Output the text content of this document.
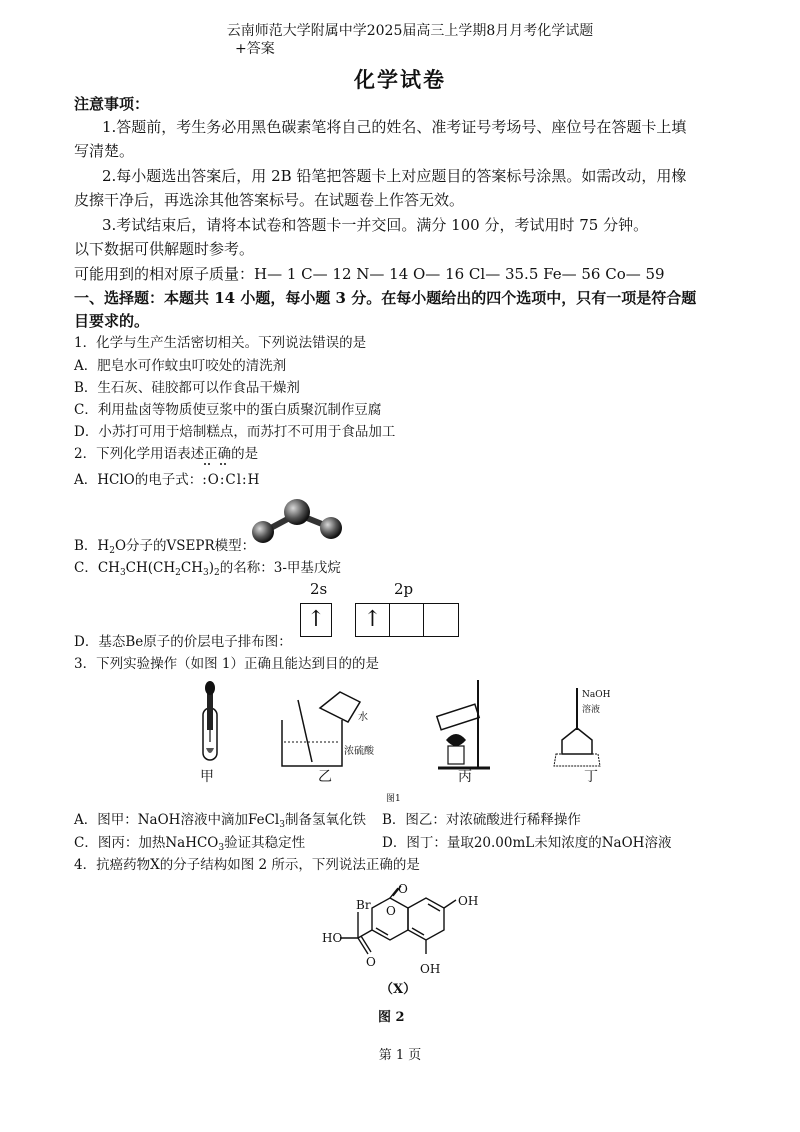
云南师范大学附属中学2025届高三上学期8月月考化学试题
+答案
化学试卷
注意事项：
1.答题前，考生务必用黑色碳素笔将自己的姓名、准考证号考场号、座位号在答题卡上填
写清楚。
2.每小题选出答案后，用 2B 铅笔把答题卡上对应题目的答案标号涂黑。如需改动，用橡
皮擦干净后，再选涂其他答案标号。在试题卷上作答无效。
3.考试结束后，请将本试卷和答题卡一并交回。满分 100 分，考试用时 75 分钟。
以下数据可供解题时参考。
可能用到的相对原子质量：H— 1 C— 12 N— 14 O— 16 Cl— 35.5 Fe— 56 Co— 59
一、选择题：本题共 14 小题，每小题 3 分。在每小题给出的四个选项中，只有一项是符合题
目要求的。
1．化学与生产生活密切相关。下列说法错误的是
A．肥皂水可作蚊虫叮咬处的清洗剂
B．生石灰、硅胶都可以作食品干燥剂
C．利用盐卤等物质使豆浆中的蛋白质聚沉制作豆腐
D．小苏打可用于焙制糕点，而苏打不可用于食品加工
2．下列化学用语表述正确的是
A．HClO的电子式：:O:Cl:H
B．$H_2O$分子的VSEPR模型：
C．$CH_3CH(CH_2CH_3)_2$的名称：3-甲基戊烷
2s	2p
↑	↑
D．基态Be原子的价层电子排布图：
3．下列实验操作（如图 1）正确且能达到目的的是
水
浓硫酸
NaOH
溶液
甲	乙	丙	丁
图1
A．图甲：NaOH溶液中滴加FeCl$_3$制备氢氧化铁 B．图乙：对浓硫酸进行稀释操作
C．图丙：加热NaHCO$_3$验证其稳定性	D．图丁：量取20.00mL未知浓度的NaOH溶液
4．抗癌药物X的分子结构如图 2 所示，下列说法正确的是
Br O
O
OH
HO
O	OH
（X）
图 2
第 1 页
